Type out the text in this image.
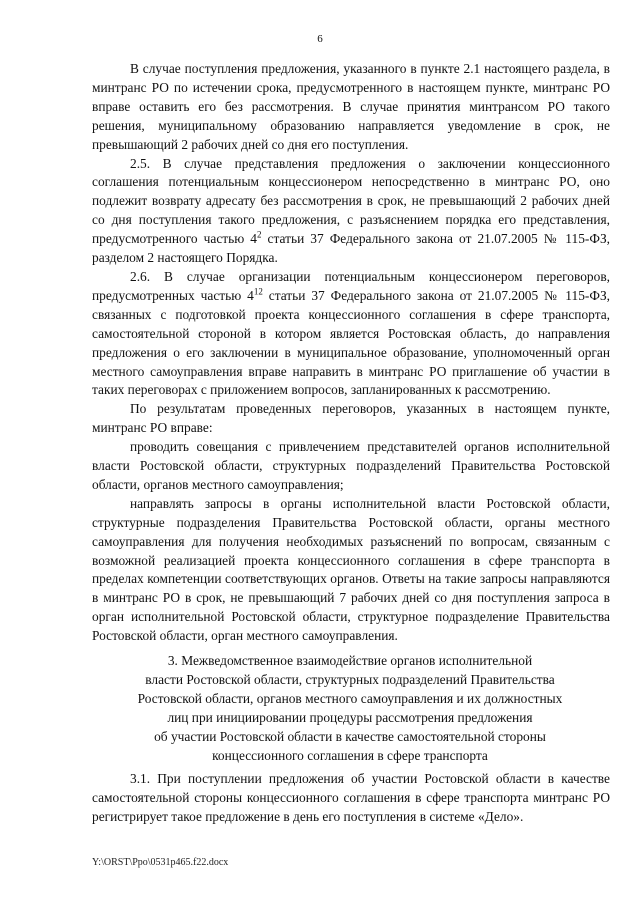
6

В случае поступления предложения, указанного в пункте 2.1 настоящего раздела, в минтранс РО по истечении срока, предусмотренного в настоящем пункте, минтранс РО вправе оставить его без рассмотрения. В случае принятия минтрансом РО такого решения, муниципальному образованию направляется уведомление в срок, не превышающий 2 рабочих дней со дня его поступления.

2.5. В случае представления предложения о заключении концессионного соглашения потенциальным концессионером непосредственно в минтранс РО, оно подлежит возврату адресату без рассмотрения в срок, не превышающий 2 рабочих дней со дня поступления такого предложения, с разъяснением порядка его представления, предусмотренного частью $4^2$ статьи 37 Федерального закона от 21.07.2005 № 115-ФЗ, разделом 2 настоящего Порядка.

2.6. В случае организации потенциальным концессионером переговоров, предусмотренных частью $4^{12}$ статьи 37 Федерального закона от 21.07.2005 № 115-ФЗ, связанных с подготовкой проекта концессионного соглашения в сфере транспорта, самостоятельной стороной в котором является Ростовская область, до направления предложения о его заключении в муниципальное образование, уполномоченный орган местного самоуправления вправе направить в минтранс РО приглашение об участии в таких переговорах с приложением вопросов, запланированных к рассмотрению.

По результатам проведенных переговоров, указанных в настоящем пункте, минтранс РО вправе:

проводить совещания с привлечением представителей органов исполнительной власти Ростовской области, структурных подразделений Правительства Ростовской области, органов местного самоуправления;

направлять запросы в органы исполнительной власти Ростовской области, структурные подразделения Правительства Ростовской области, органы местного самоуправления для получения необходимых разъяснений по вопросам, связанным с возможной реализацией проекта концессионного соглашения в сфере транспорта в пределах компетенции соответствующих органов. Ответы на такие запросы направляются в минтранс РО в срок, не превышающий 7 рабочих дней со дня поступления запроса в орган исполнительной Ростовской области, структурное подразделение Правительства Ростовской области, орган местного самоуправления.

3. Межведомственное взаимодействие органов исполнительной
власти Ростовской области, структурных подразделений Правительства
Ростовской области, органов местного самоуправления и их должностных
лиц при инициировании процедуры рассмотрения предложения
об участии Ростовской области в качестве самостоятельной стороны
концессионного соглашения в сфере транспорта

3.1. При поступлении предложения об участии Ростовской области в качестве самостоятельной стороны концессионного соглашения в сфере транспорта минтранс РО регистрирует такое предложение в день его поступления в системе «Дело».

Y:\ORST\Ppo\0531p465.f22.docx
